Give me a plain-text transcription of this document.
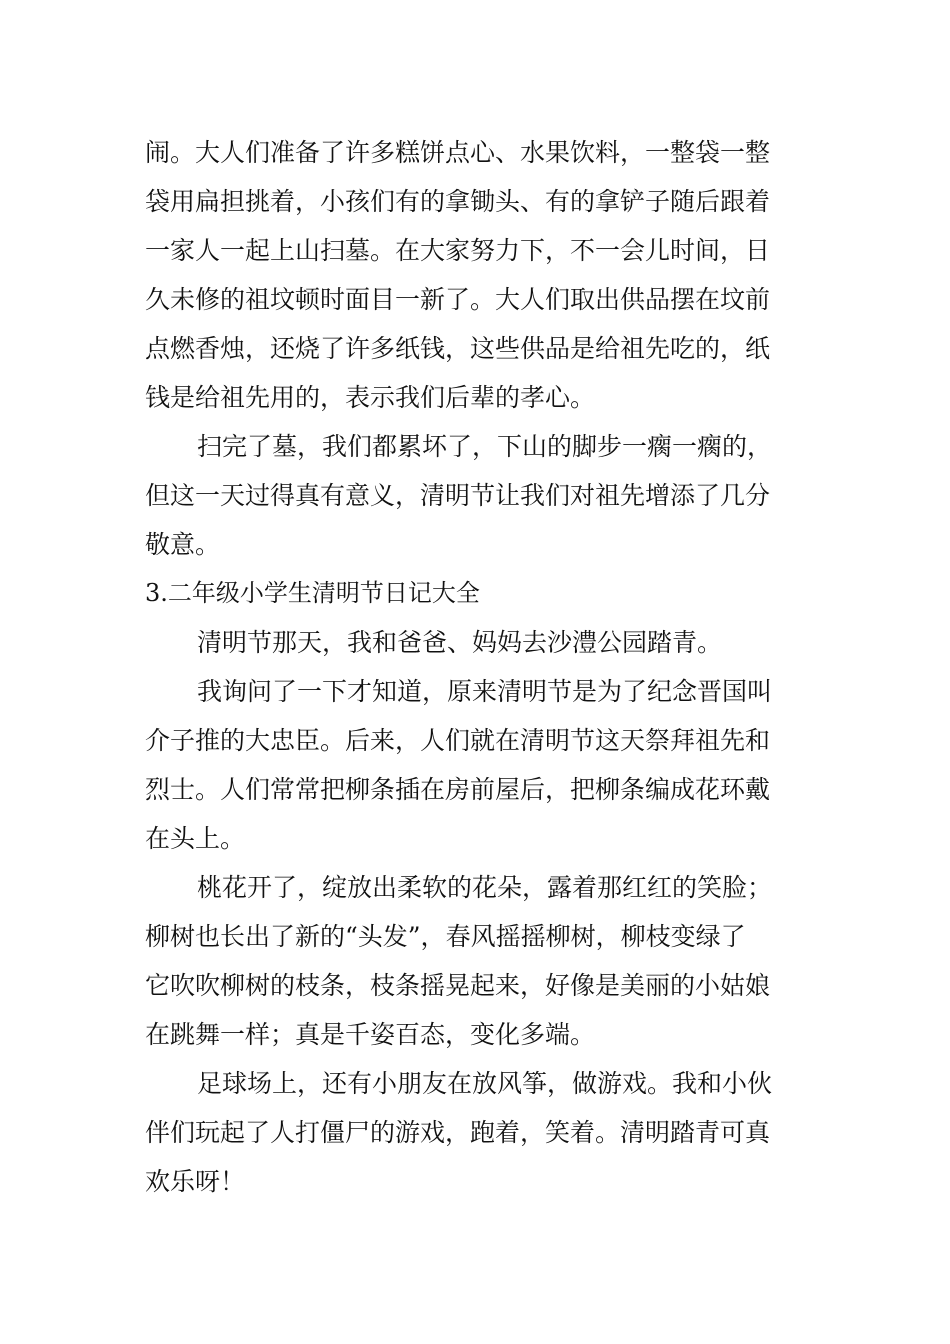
闹。大人们准备了许多糕饼点心、水果饮料，一整袋一整
袋用扁担挑着，小孩们有的拿锄头、有的拿铲子随后跟着
一家人一起上山扫墓。在大家努力下，不一会儿时间，日
久未修的祖坟顿时面目一新了。大人们取出供品摆在坟前
点燃香烛，还烧了许多纸钱，这些供品是给祖先吃的，纸
钱是给祖先用的，表示我们后辈的孝心。
扫完了墓，我们都累坏了，下山的脚步一瘸一瘸的，
但这一天过得真有意义，清明节让我们对祖先增添了几分
敬意。
3.二年级小学生清明节日记大全
清明节那天，我和爸爸、妈妈去沙澧公园踏青。
我询问了一下才知道，原来清明节是为了纪念晋国叫
介子推的大忠臣。后来，人们就在清明节这天祭拜祖先和
烈士。人们常常把柳条插在房前屋后，把柳条编成花环戴
在头上。
桃花开了，绽放出柔软的花朵，露着那红红的笑脸；
柳树也长出了新的“头发”，春风摇摇柳树，柳枝变绿了
它吹吹柳树的枝条，枝条摇晃起来，好像是美丽的小姑娘
在跳舞一样；真是千姿百态，变化多端。
足球场上，还有小朋友在放风筝，做游戏。我和小伙
伴们玩起了人打僵尸的游戏，跑着，笑着。清明踏青可真
欢乐呀！
